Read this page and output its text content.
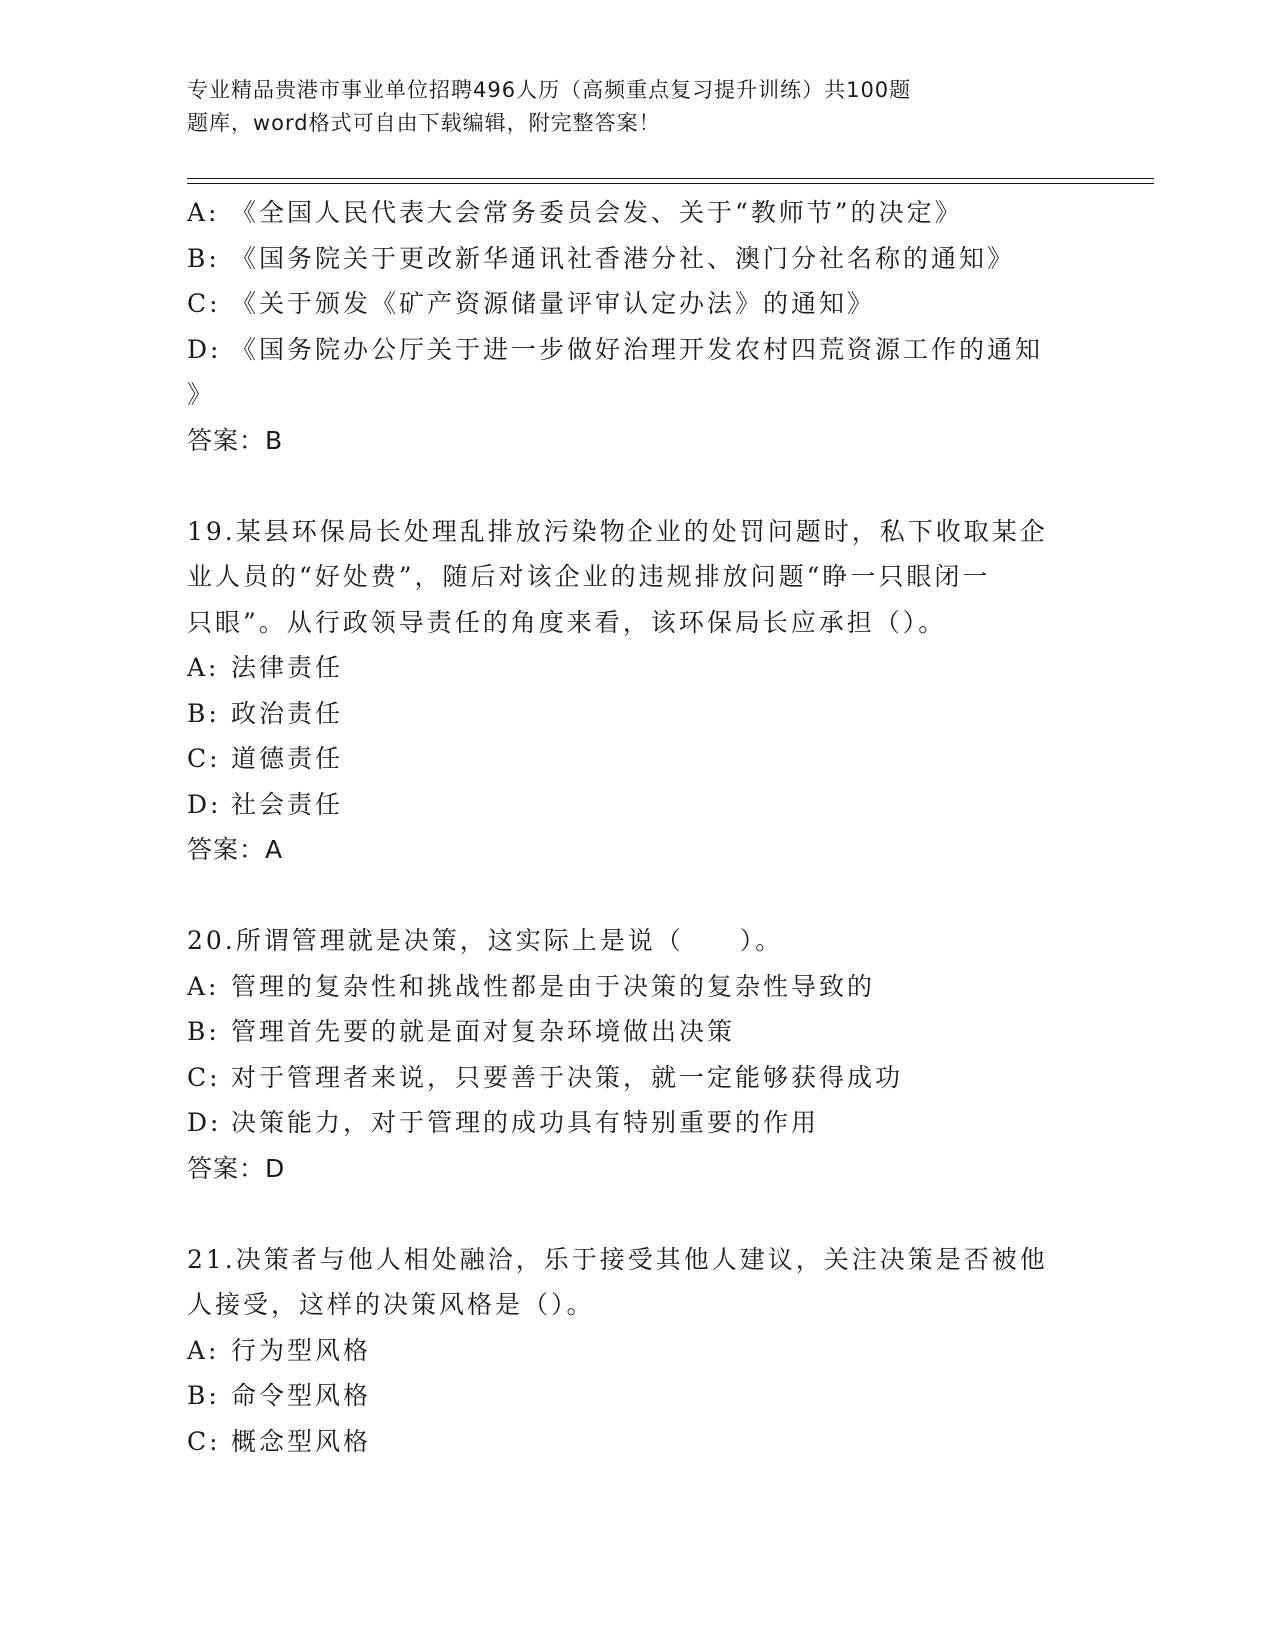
专业精品贵港市事业单位招聘496人历（高频重点复习提升训练）共100题
题库，word格式可自由下载编辑，附完整答案！
A: 《全国人民代表大会常务委员会发、关于“教师节”的决定》
B: 《国务院关于更改新华通讯社香港分社、澳门分社名称的通知》
C: 《关于颁发《矿产资源储量评审认定办法》的通知》
D: 《国务院办公厅关于进一步做好治理开发农村四荒资源工作的通知
》
答案：B
19.某县环保局长处理乱排放污染物企业的处罚问题时，私下收取某企
业人员的“好处费”，随后对该企业的违规排放问题“睁一只眼闭一
只眼”。从行政领导责任的角度来看，该环保局长应承担（）。
A: 法律责任
B: 政治责任
C: 道德责任
D: 社会责任
答案：A
20.所谓管理就是决策，这实际上是说（　　）。
A: 管理的复杂性和挑战性都是由于决策的复杂性导致的
B: 管理首先要的就是面对复杂环境做出决策
C: 对于管理者来说，只要善于决策，就一定能够获得成功
D: 决策能力，对于管理的成功具有特别重要的作用
答案：D
21.决策者与他人相处融洽，乐于接受其他人建议，关注决策是否被他
人接受，这样的决策风格是（）。
A: 行为型风格
B: 命令型风格
C: 概念型风格
